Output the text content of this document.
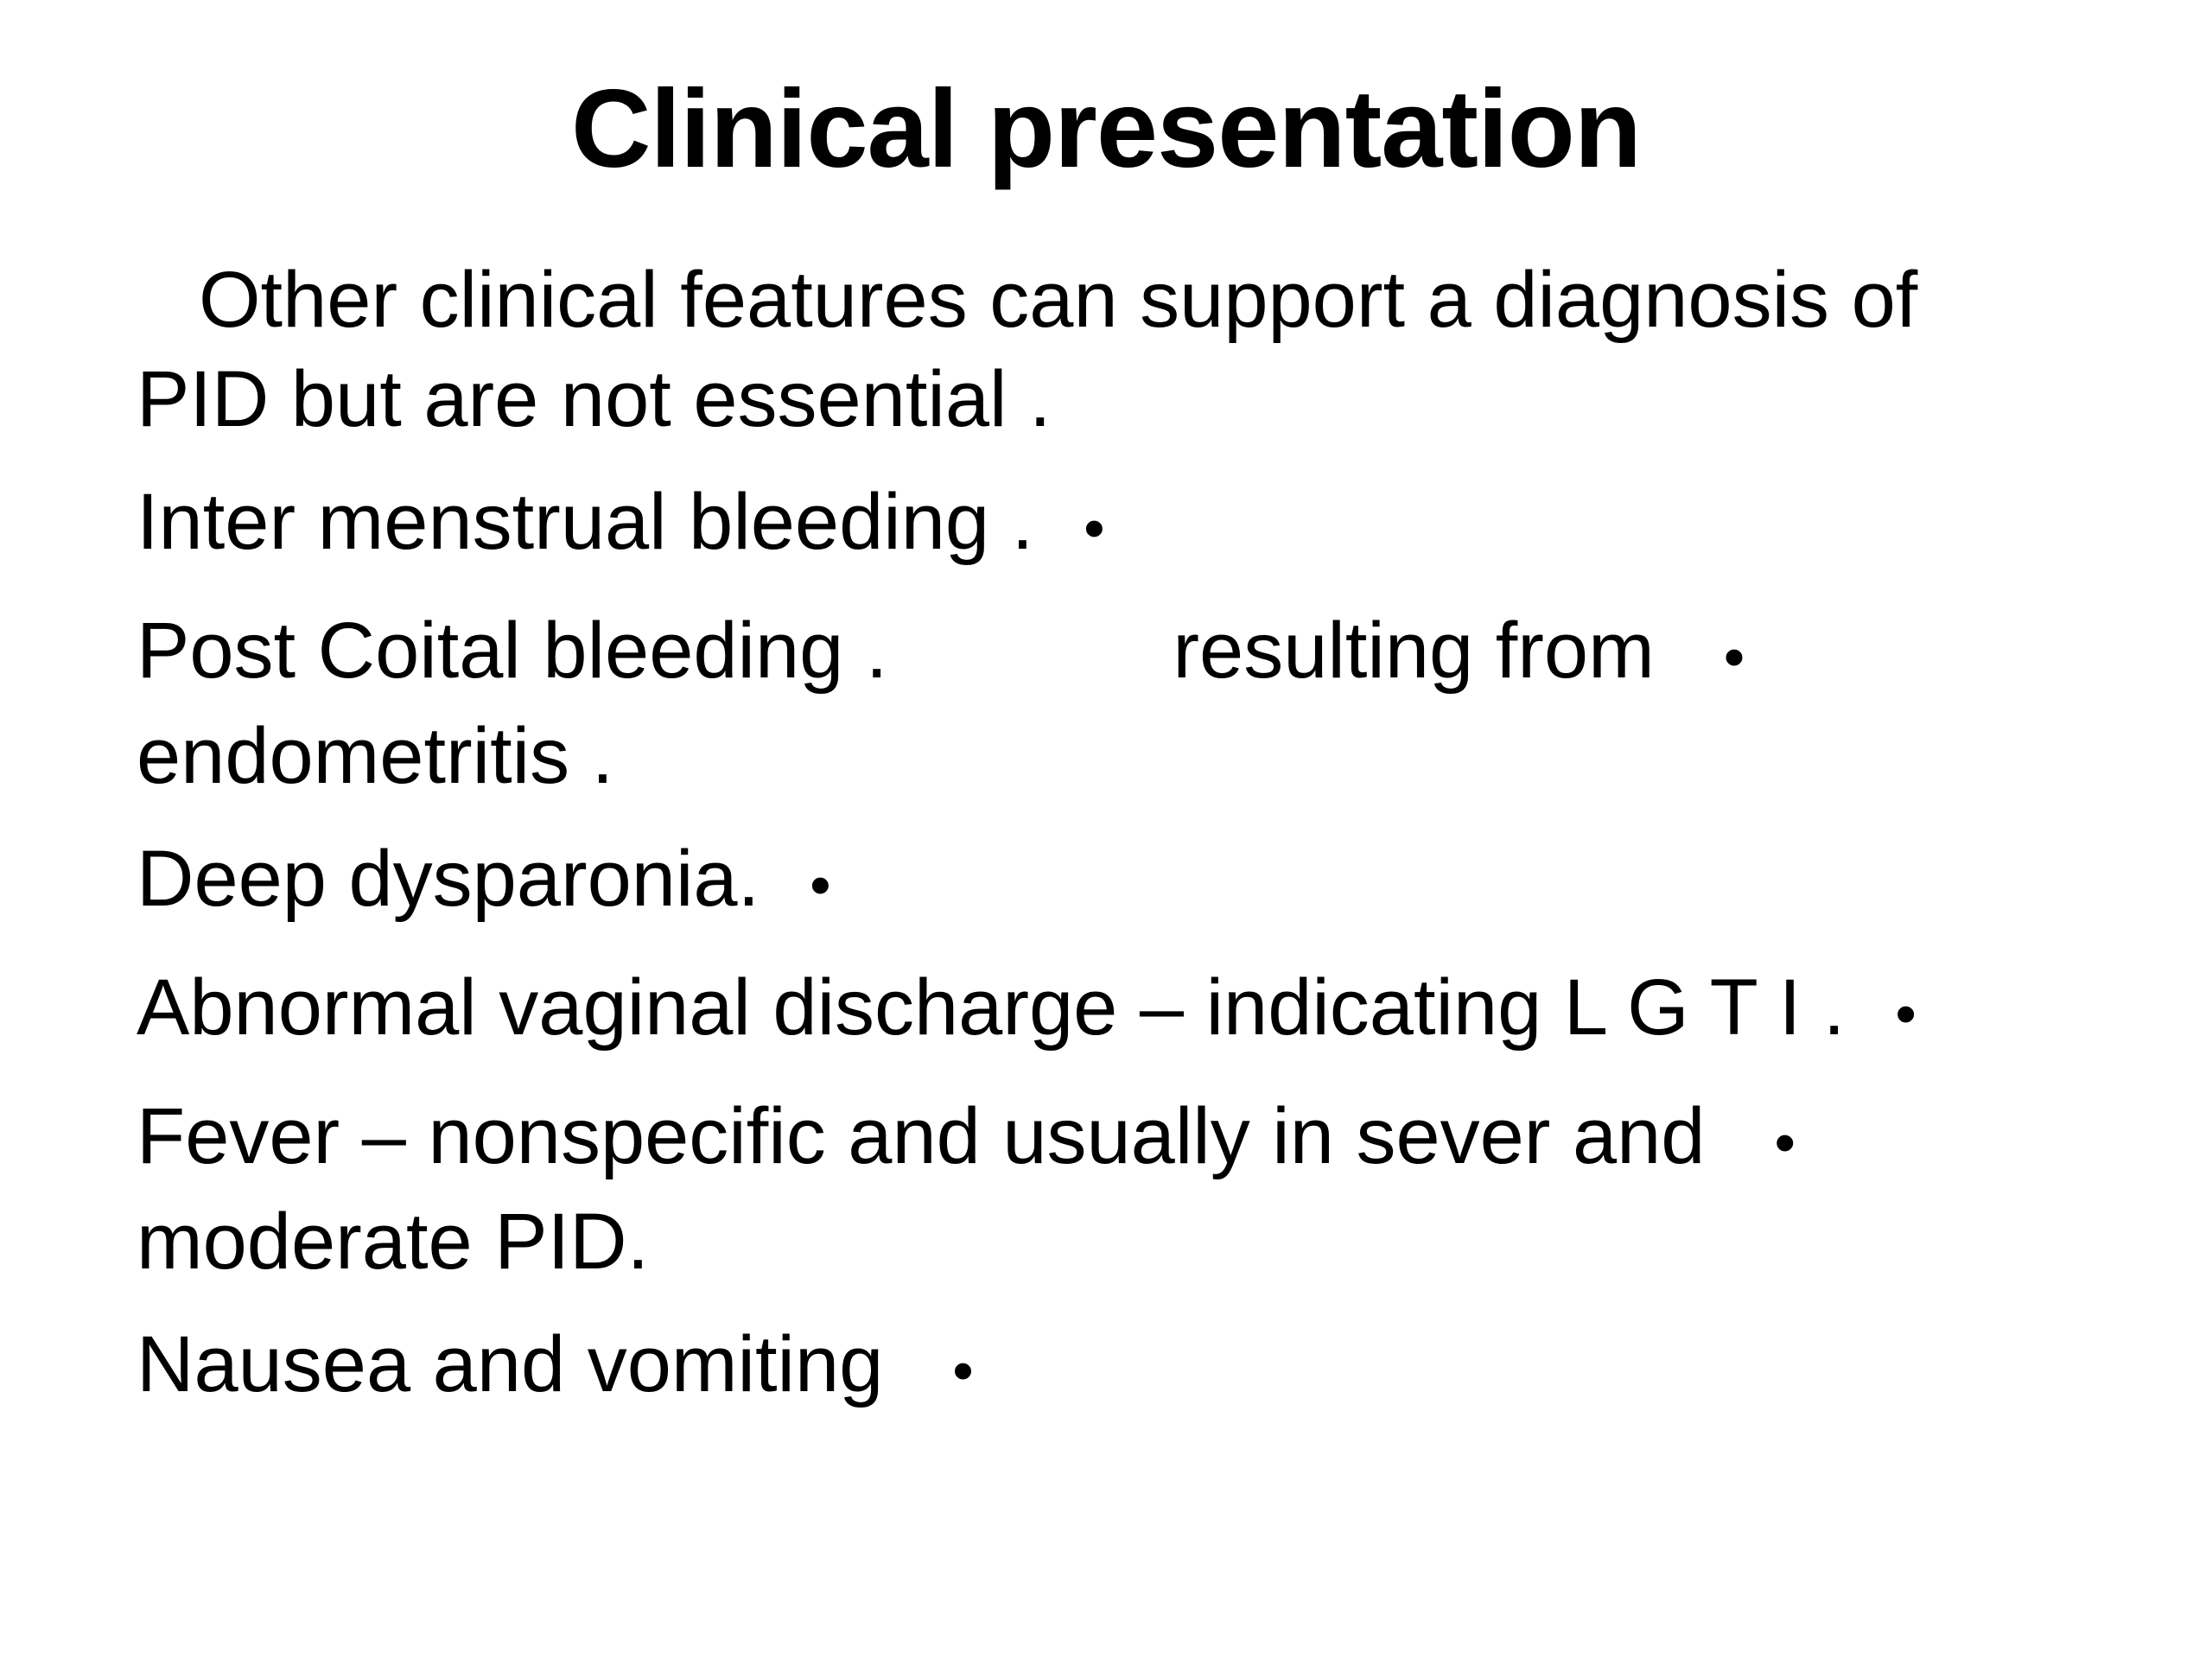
Clinical presentation

Other clinical features can support a diagnosis of

PID but are not essential .

Inter menstrual bleeding . •

Post Coital bleeding .	resulting from •

endometritis .

Deep dysparonia. •

Abnormal vaginal discharge – indicating L G T I . •

Fever – nonspecific and usually in sever and •

moderate PID.

Nausea and vomiting •
